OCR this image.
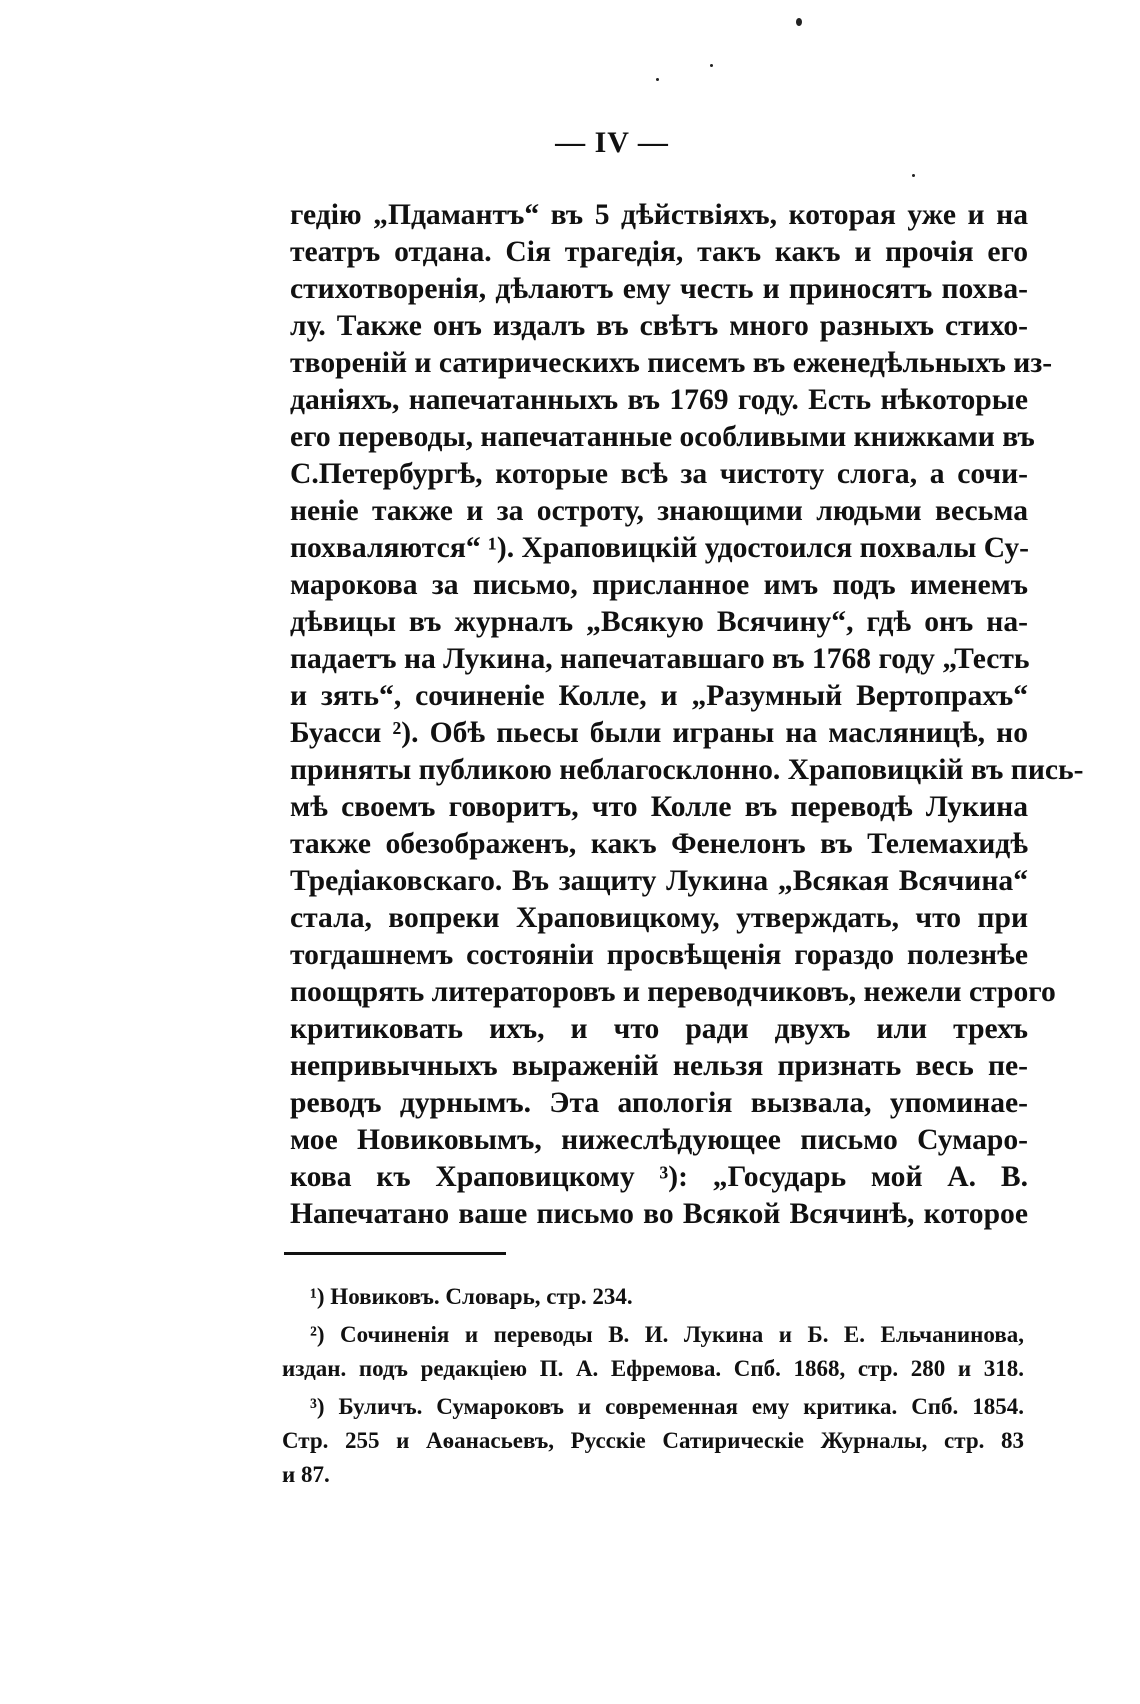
— IV —
гедію „Пдамантъ“ въ 5 дѣйствіяхъ, которая уже и на
театръ отдана. Сія трагедія, такъ какъ и прочія его
стихотворенія, дѣлаютъ ему честь и приносятъ похва-
лу. Также онъ издалъ въ свѣтъ много разныхъ стихо-
твореній и сатирическихъ писемъ въ еженедѣльныхъ из-
даніяхъ, напечатанныхъ въ 1769 году. Есть нѣкоторые
его переводы, напечатанные особливыми книжками въ
С.Петербургѣ, которые всѣ за чистоту слога, а сочи-
неніе также и за остроту, знающими людьми весьма
похваляются“ ¹). Храповицкій удостоился похвалы Су-
марокова за письмо, присланное имъ подъ именемъ
дѣвицы въ журналъ „Всякую Всячину“, гдѣ онъ на-
падаетъ на Лукина, напечатавшаго въ 1768 году „Тесть
и зять“, сочиненіе Колле, и „Разумный Вертопрахъ“
Буасси ²). Обѣ пьесы были играны на масляницѣ, но
приняты публикою неблагосклонно. Храповицкій въ пись-
мѣ своемъ говоритъ, что Колле въ переводѣ Лукина
также обезображенъ, какъ Фенелонъ въ Телемахидѣ
Тредіаковскаго. Въ защиту Лукина „Всякая Всячина“
стала, вопреки Храповицкому, утверждать, что при
тогдашнемъ состояніи просвѣщенія гораздо полезнѣе
поощрять литераторовъ и переводчиковъ, нежели строго
критиковать ихъ, и что ради двухъ или трехъ
непривычныхъ выраженій нельзя признать весь пе-
реводъ дурнымъ. Эта апологія вызвала, упоминае-
мое Новиковымъ, нижеслѣдующее письмо Сумаро-
кова къ Храповицкому ³): „Государь мой А. В.
Напечатано ваше письмо во Всякой Всячинѣ, которое
¹) Новиковъ. Словарь, стр. 234.
²) Сочиненія и переводы В. И. Лукина и Б. Е. Ельчанинова,
издан. подъ редакціею П. А. Ефремова. Спб. 1868, стр. 280 и 318.
³) Буличъ. Сумароковъ и современная ему критика. Спб. 1854.
Стр. 255 и Аѳанасьевъ, Русскіе Сатирическіе Журналы, стр. 83
и 87.
